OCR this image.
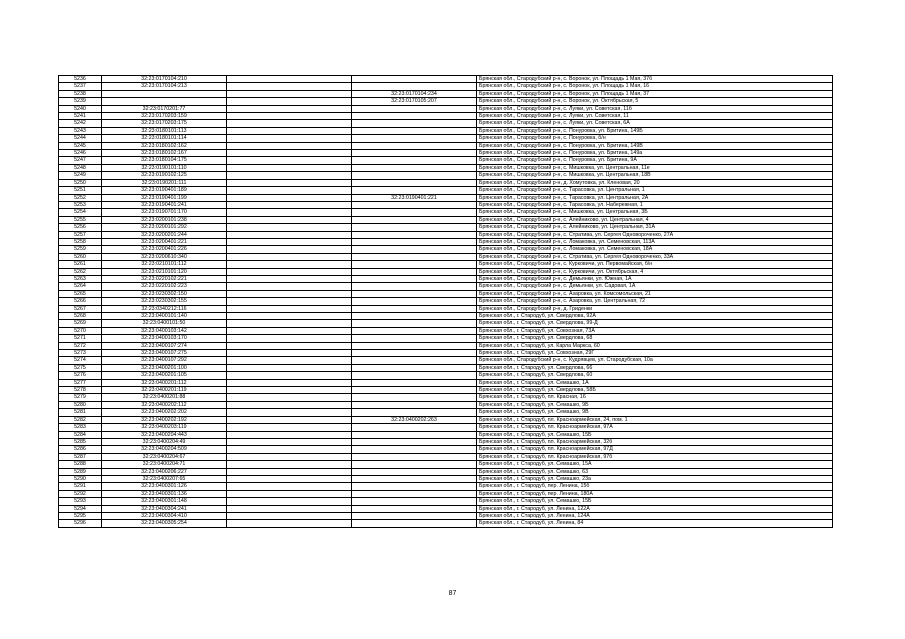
5236	32:23:0170104:210			Брянская обл., Стародубский р-н, с. Воронок, ул. Площадь 1 Мая, 37б
5237	32:23:0170104:213			Брянская обл., Стародубский р-н, с. Воронок, ул. Площадь 1 Мая, 16
5238			32:23:0170104:234	Брянская обл., Стародубский р-н, с. Воронок, ул. Площадь 1 Мая, 37
5239			32:23:0170105:207	Брянская обл., Стародубский р-н, с. Воронок, ул. Октябрьская, 5
5240	32:23:0170201:77			Брянская обл., Стародубский р-н, с. Луяки, ул. Советская, 11б
5241	32:23:0170203:159			Брянская обл., Стародубский р-н, с. Луяки, ул. Советская, 11
5242	32:23:0170203:175			Брянская обл., Стародубский р-н, с. Луяки, ул. Советская, 6А
5243	32:23:0180101:113			Брянская обл., Стародубский р-н, с. Понуровка, ул. Бритина, 149Б
5244	32:23:0180101:114			Брянская обл., Стародубский р-н, с. Понуровка, б/н
5245	32:23:0180102:162			Брянская обл., Стародубский р-н, с. Понуровка, ул. Бритина, 149В
5246	32:23:0180102:167			Брянская обл., Стародубский р-н, с. Понуровка, ул. Бритина, 149а
5247	32:23:0180104:175			Брянская обл., Стародубский р-н, с. Понуровка, ул. Бритина, 9А
5248	32:23:0190101:110			Брянская обл., Стародубский р-н, с. Мишковка, ул. Центральная, 11е
5249	32:23:0190102:125			Брянская обл., Стародубский р-н, с. Мишковка, ул. Центральная, 18В
5250	32:23:0190201:111			Брянская обл., Стародубский р-н, д. Хомутовка, ул. Кленовая, 20
5251	32:23:0190401:189			Брянская обл., Стародубский р-н, с. Тарасовка, ул. Центральная, 1
5252	32:23:0190401:199		32:23:0190401:221	Брянская обл., Стародубский р-н, с. Тарасовка, ул. Центральная, 2А
5253	32:23:0190401:241			Брянская обл., Стародубский р-н, с. Тарасовка, ул. Набережная, 1
5254	32:23:0190701:170			Брянская обл., Стародубский р-н, с. Мишковка, ул. Центральная, 3Б
5255	32:23:0200101:238			Брянская обл., Стародубский р-н, с. Алейниково, ул. Центральная, 4
5256	32:23:0200101:292			Брянская обл., Стародубский р-н, с. Алейниково, ул. Центральная, 31А
5257	32:23:0200201:244			Брянская обл., Стародубский р-н, с. Стратива, ул. Сергея Одновороченко, 27А
5258	32:23:0200401:221			Брянская обл., Стародубский р-н, с. Ломаковка, ул. Семеновская, 113А
5259	32:23:0200401:226			Брянская обл., Стародубский р-н, с. Ломаковка, ул. Семеновская, 18А
5260	32:23:0200610:340			Брянская обл., Стародубский р-н, с. Стратива, ул. Сергея Одновороченко, 33А
5261	32:23:0210101:112			Брянская обл., Стародубский р-н, с. Курковичи, ул. Первомайская, б/н
5262	32:23:0210101:120			Брянская обл., Стародубский р-н, с. Курковичи, ул. Октябрьская, 4
5263	32:23:0220102:221			Брянская обл., Стародубский р-н, с. Демьянки, ул. Южная, 1А
5264	32:23:0220102:223			Брянская обл., Стародубский р-н, с. Демьянки, ул. Садовая, 1А
5265	32:23:0230302:150			Брянская обл., Стародубский р-н, с. Азаровка, ул. Комсомольская, 21
5266	32:23:0230302:155			Брянская обл., Стародубский р-н, с. Азаровка, ул. Центральная, 72
5267	32:23:0340212:116			Брянская обл., Стародубский р-н, д. Гриденки
5268	32:23:0400101:140			Брянская обл., г. Стародуб, ул. Свердлова, 92А
5269	32:23:0400101:50			Брянская обл., г. Стародуб, ул. Свердлова, 99-Д
5270	32:23:0400103:142			Брянская обл., г. Стародуб, ул. Совхозная, 73А
5271	32:23:0400103:170			Брянская обл., г. Стародуб, ул. Свердлова, 68
5272	32:23:0400107:274			Брянская обл., г. Стародуб, ул. Карла Маркса, 60
5273	32:23:0400107:275			Брянская обл., г. Стародуб, ул. Совхозная, 29Г
5274	32:23:0400107:292			Брянская обл., Стародубский р-н, с. Кудрявцев, ул. Стародубская, 10а
5275	32:23:0400201:100			Брянская обл., г. Стародуб, ул. Свердлова, 66
5276	32:23:0400201:105			Брянская обл., г. Стародуб, ул. Свердлова, 60
5277	32:23:0400201:112			Брянская обл., г. Стародуб, ул. Семашко, 1А
5278	32:23:0400201:119			Брянская обл., г. Стародуб, ул. Свердлова, 58Б
5279	32:23:0400201:88			Брянская обл., г. Стародуб, пл. Красная, 16
5280	32:23:0400202:112			Брянская обл., г. Стародуб, ул. Семашко, 9Б
5281	32:23:0400202:202			Брянская обл., г. Стародуб, ул. Семашко, 9В
5282	32:23:0400202:192		32:23:0400202:263	Брянская обл., г. Стародуб, пл. Красноармейская, 24, пом. 1
5283	32:23:0400203:119			Брянская обл., г. Стародуб, пл. Красноармейская, 97А
5284	32:23:0400204:443			Брянская обл., г. Стародуб, ул. Семашко, 15Б
5285	32:23:0400204:49			Брянская обл., г. Стародуб, пл. Красноармейская, 32б
5286	32:23:0400204:509			Брянская обл., г. Стародуб, пл. Красноармейская, 97Д
5287	32:23:0400204:67			Брянская обл., г. Стародуб, пл. Красноармейская, 97б
5288	32:23:0400204:71			Брянская обл., г. Стародуб, ул. Семашко, 15А
5289	32:23:0400206:227			Брянская обл., г. Стародуб, ул. Семашко, 63
5290	32:23:0400207:65			Брянская обл., г. Стародуб, ул. Семашко, 23а
5291	32:23:0400301:126			Брянская обл., г. Стародуб, пер. Ленина, 15б
5292	32:23:0400301:136			Брянская обл., г. Стародуб, пер. Ленина, 180А
5293	32:23:0400301:148			Брянская обл., г. Стародуб, ул. Семашко, 15Б
5294	32:23:0400304:241			Брянская обл., г. Стародуб, ул. Ленина, 122А
5295	32:23:0400304:410			Брянская обл., г. Стародуб, ул. Ленина, 124А
5296	32:23:0400305:254			Брянская обл., г. Стародуб, ул. Ленина, 84
87
